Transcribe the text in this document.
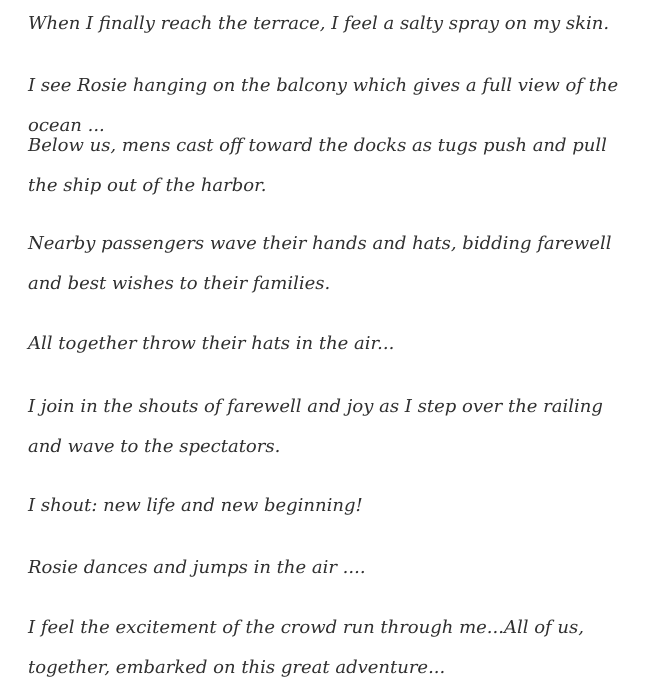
When I finally reach the terrace, I feel a salty spray on my skin.

I see Rosie hanging on the balcony which gives a full view of the ocean ...

Below us, mens cast off toward the docks as tugs push and pull the ship out of the harbor.

Nearby passengers wave their hands and hats, bidding farewell and best wishes to their families.

All together throw their hats in the air...

I join in the shouts of farewell and joy as I step over the railing and wave to the spectators.

I shout: new life and new beginning!

Rosie dances and jumps in the air ....

I feel the excitement of the crowd run through me...All of us, together, embarked on this great adventure...
